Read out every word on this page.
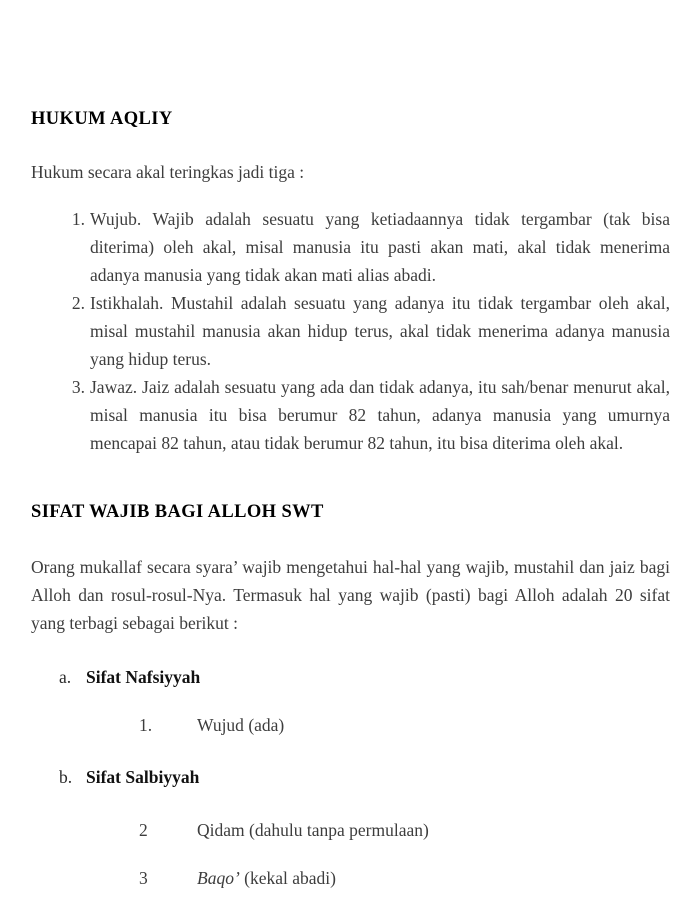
HUKUM AQLIY

Hukum secara akal teringkas jadi tiga :

1. Wujub. Wajib adalah sesuatu yang ketiadaannya tidak tergambar (tak bisa diterima) oleh akal, misal manusia itu pasti akan mati, akal tidak menerima adanya manusia yang tidak akan mati alias abadi.
2. Istikhalah. Mustahil adalah sesuatu yang adanya itu tidak tergambar oleh akal, misal mustahil manusia akan hidup terus, akal tidak menerima adanya manusia yang hidup terus.
3. Jawaz. Jaiz adalah sesuatu yang ada dan tidak adanya, itu sah/benar menurut akal, misal manusia itu bisa berumur 82 tahun, adanya manusia yang umurnya mencapai 82 tahun, atau tidak berumur 82 tahun, itu bisa diterima oleh akal.
SIFAT WAJIB BAGI ALLOH SWT

Orang mukallaf secara syara’ wajib mengetahui hal-hal yang wajib, mustahil dan jaiz bagi Alloh dan rosul-rosul-Nya. Termasuk hal yang wajib (pasti) bagi Alloh adalah 20 sifat yang terbagi sebagai berikut :

a. Sifat Nafsiyyah
1.	Wujud (ada)
b. Sifat Salbiyyah
2	Qidam (dahulu tanpa permulaan)
3	Baqo’ (kekal abadi)
